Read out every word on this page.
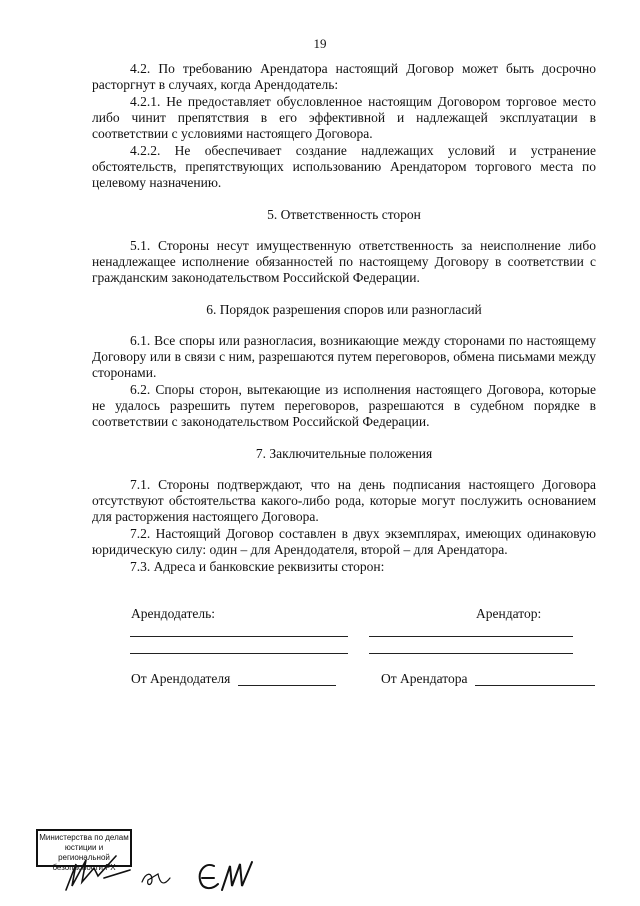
19

4.2. По требованию Арендатора настоящий Договор может быть досрочно расторгнут в случаях, когда Арендодатель:

4.2.1. Не предоставляет обусловленное настоящим Договором торговое место либо чинит препятствия в его эффективной и надлежащей эксплуатации в соответствии с условиями настоящего Договора.

4.2.2. Не обеспечивает создание надлежащих условий и устранение обстоятельств, препятствующих использованию Арендатором торгового места по целевому назначению.

5. Ответственность сторон

5.1. Стороны несут имущественную ответственность за неисполнение либо ненадлежащее исполнение обязанностей по настоящему Договору в соответствии с гражданским законодательством Российской Федерации.

6. Порядок разрешения споров или разногласий

6.1. Все споры или разногласия, возникающие между сторонами по настоящему Договору или в связи с ним, разрешаются путем переговоров, обмена письмами между сторонами.

6.2. Споры сторон, вытекающие из исполнения настоящего Договора, которые не удалось разрешить путем переговоров, разрешаются в судебном порядке в соответствии с законодательством Российской Федерации.

7. Заключительные положения

7.1. Стороны подтверждают, что на день подписания настоящего Договора отсутствуют обстоятельства какого-либо рода, которые могут послужить основанием для расторжения настоящего Договора.

7.2. Настоящий Договор составлен в двух экземплярах, имеющих одинаковую юридическую силу: один – для Арендодателя, второй – для Арендатора.

7.3. Адреса и банковские реквизиты сторон:

Арендодатель:	Арендатор:
От Арендодателя	От Арендатора
Министерства по делам
юстиции и региональной
безопасности РХ
